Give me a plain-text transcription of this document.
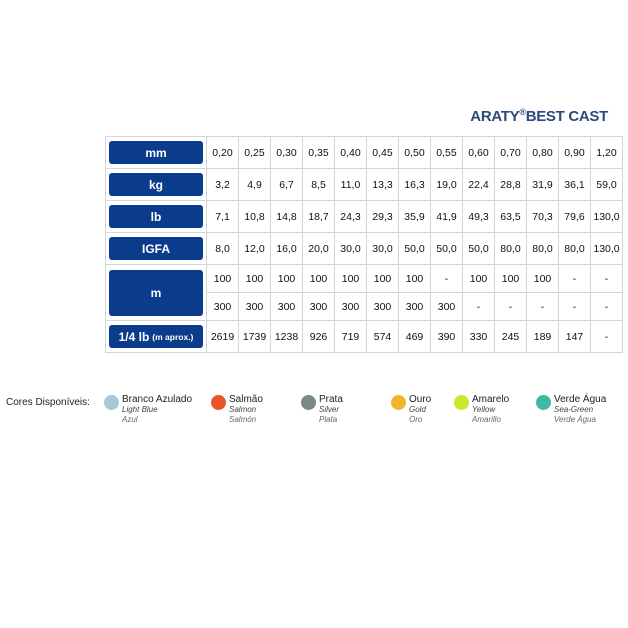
ARATY®BEST CAST
mm	0,20	0,25	0,30	0,35	0,40	0,45	0,50	0,55	0,60	0,70	0,80	0,90	1,20

kg	3,2	4,9	6,7	8,5	11,0	13,3	16,3	19,0	22,4	28,8	31,9	36,1	59,0

lb	7,1	10,8	14,8	18,7	24,3	29,3	35,9	41,9	49,3	63,5	70,3	79,6	130,0

IGFA	8,0	12,0	16,0	20,0	30,0	30,0	50,0	50,0	50,0	80,0	80,0	80,0	130,0

m	100	100	100	100	100	100	100	-	100	100	100	-	-
	300	300	300	300	300	300	300	300	-	-	-	-	-

1/4 lb (m aprox.)	2619	1739	1238	926	719	574	469	390	330	245	189	147	-
Cores Disponíveis:	Branco Azulado
Light Blue
Azul
Salmão
Salmon
Salmón
Prata
Silver
Plata
Ouro
Gold
Oro
Amarelo
Yellow
Amarillo
Verde Água
Sea-Green
Verde Água
